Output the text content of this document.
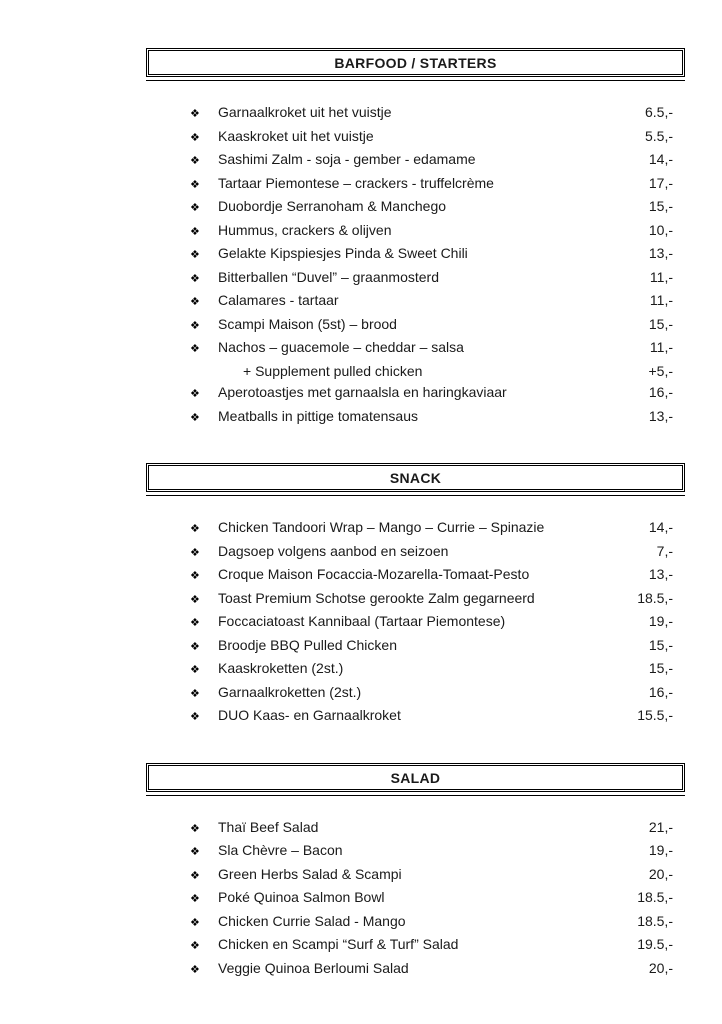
BARFOOD / STARTERS
❖	Garnaalkroket uit het vuistje	6.5,-
❖	Kaaskroket uit het vuistje	5.5,-
❖	Sashimi Zalm - soja - gember - edamame	14,-
❖	Tartaar Piemontese – crackers - truffelcrème	17,-
❖	Duobordje Serranoham & Manchego	15,-
❖	Hummus, crackers & olijven	10,-
❖	Gelakte Kipspiesjes Pinda & Sweet Chili	13,-
❖	Bitterballen “Duvel” – graanmosterd	11,-
❖	Calamares - tartaar	11,-
❖	Scampi Maison (5st) – brood	15,-
❖	Nachos – guacemole – cheddar – salsa	11,-
+ Supplement pulled chicken	+5,-
❖	Aperotoastjes met garnaalsla en haringkaviaar	16,-
❖	Meatballs in pittige tomatensaus	13,-
SNACK
❖	Chicken Tandoori Wrap – Mango – Currie – Spinazie	14,-
❖	Dagsoep volgens aanbod en seizoen	7,-
❖	Croque Maison Focaccia-Mozarella-Tomaat-Pesto	13,-
❖	Toast Premium Schotse gerookte Zalm gegarneerd	18.5,-
❖	Foccaciatoast Kannibaal (Tartaar Piemontese)	19,-
❖	Broodje BBQ Pulled Chicken	15,-
❖	Kaaskroketten (2st.)	15,-
❖	Garnaalkroketten (2st.)	16,-
❖	DUO Kaas- en Garnaalkroket	15.5,-
SALAD
❖	Thaï Beef Salad	21,-
❖	Sla Chèvre – Bacon	19,-
❖	Green Herbs Salad & Scampi	20,-
❖	Poké Quinoa Salmon Bowl	18.5,-
❖	Chicken Currie Salad - Mango	18.5,-
❖	Chicken en Scampi “Surf & Turf” Salad	19.5,-
❖	Veggie Quinoa Berloumi Salad	20,-
